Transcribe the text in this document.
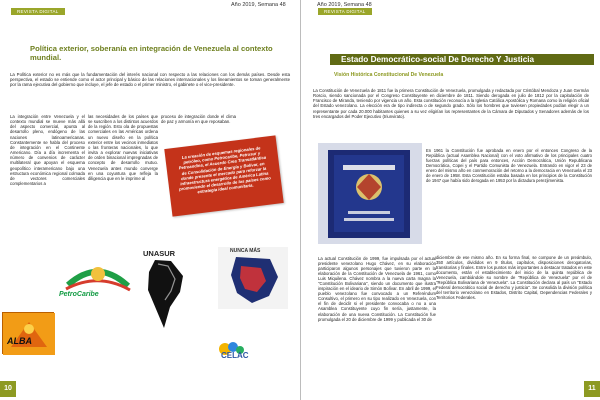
Año 2019, Semana 48
REVISTA DIGITAL
Política exterior, soberanía en integración de Venezuela al contexto mundial.
La Política exterior no es más que la fundamentación del interés nacional con respecto a las relaciones con los demás países. Desde esta perspectiva, el estado se entiende como el actor principal y básico de las relaciones internacionales y los lineamientos se toman generalmente por la rama ejecutiva del gobierno que incluye, el jefe de estado o el primer ministro, el gabinete o el vice-presidente.
La integración entre Venezuela y el contexto mundial se mueve más allá del aspecto comercial, apunta al desarrollo pleno, endógeno de las naciones latinoamericanas. Constantemente se habla del proceso de integración en el Continente Americano. Día a día incrementa el número de convenios de carácter multilateral que apoyan el esquema geopolítico interamericano bajo una estructura económica regional colmada de vectores comerciales complementarios a
las necesidades de los países que se suscriben a los distintos acuerdos de la región. Esto ola de propuestas comerciales en las Américas ordena un nuevo diseño en la política exterior entre los vecinos inmediatos o las fronteras nacionales, lo que invita a explorar nuevas iniciativas de orden binacional impregnadas de concepto de desarrollo mutuo. Venezuela antes mundo converge en una coyuntura que refleja la diligencia que en le imprime al
proceso de integración donde el clima de paz y armonía en que reposaban.
La creación de esquemas regionales de petróleo, como Petrocaribe, Petrosur y Petroandina, el Acuerdo Crea Transatlántica de Consolidación de Energía y Bolívar, en donde presente el mercado para reforzar la infraestructura energética de América Latina promoviendo el desarrollo de los países como estrategia ideal comunitaria.
ALBA
PetroCaribe
UNASUR	NUNCA MÁS
CELAC
10
Año 2019, Semana 48
REVISTA DIGITAL
Estado Democrático-social De Derecho Y Justicia
Visión Histórica Constitucional De Venezuela
La Constitución de Venezuela de 1811 fue la primera Constitución de Venezuela, promulgada y redactada por Cristóbal Mendoza y Juan Germán Roscio, siendo sancionada por el Congreso Constituyente en diciembre de 1811. Siendo derogada en julio de 1812 por la capitulación de Francisco de Miranda, teniendo por vigencia un año. Esta constitución reconocía a la Iglesia Católica Apostólica y Romana como la religión oficial del Estado venezolano. La elección era de tipo indirecta o de segundo grado. Sólo los hombres que tuviesen propiedades podían elegir a un representante por cada 20.000 habitantes quienes a su vez eligirían los representantes de la Cámara de Diputados y Senadores además de los tres encargados del Poder Ejecutivo (triunvirato).
En 1961 la Constitución fue aprobada en enero por el entonces Congreso de la República (actual Asamblea Nacional) con el voto afirmativo de los principales cuatro fuerzas políticas del país para entonces, Acción Democrática, Unión Republicana Democrática, Copei y el Partido Comunista de Venezuela. Entrando en vigor el 23 de enero del mismo año en conmemoración del retorno a la democracia en Venezuela el 23 de enero de 1958. Esta Constitución estaba basada en los principios de la Constitución de 1947 que había sido derogada en 1953 por la dictadura perezjimenista.
La actual Constitución de 1999, fue impulsada por el actual presidente venezolano Hugo Chávez, en su elaboración participaron algunos personajes que tuvieron parte en la elaboración de la Constitución de Venezuela de 1961, como Luis Miquilena. Chávez nombra a la nueva carta magna la "Constitución Bolivariana", siendo un documento que ilustra inspiración en el ideario de Simón Bolívar. En abril de 1999, el pueblo venezolano fue convocado a un Referéndum Consultivo, el primero en su tipo realizado en Venezuela, con el fin de decidir si el presidente convocaba o no a una Asamblea Constituyente cuyo fin sería, justamente, la elaboración de una nueva Constitución. La Constitución fue promulgada el 20 de diciembre de 1999 y publicada el 30 de
diciembre de ese mismo año. En su forma final, se compone de un preámbulo, 350 artículos, divididos en 9 títulos, capítulos, disposiciones derogatorias, transitorias y finales. Entre los puntos más importantes a destacar tratados en este documento, están el establecimiento del inicio de la quinta república de Venezuela, cambiándole su nombre de "República de Venezuela" por el de "República Bolivariana de Venezuela". La Constitución declara al país un "Estado Federal democrático social de derecho y justicia". Se consolida la división política del territorio venezolano en Estados, Distrito Capital, Dependencias Federales y Territorios Federales.
11
